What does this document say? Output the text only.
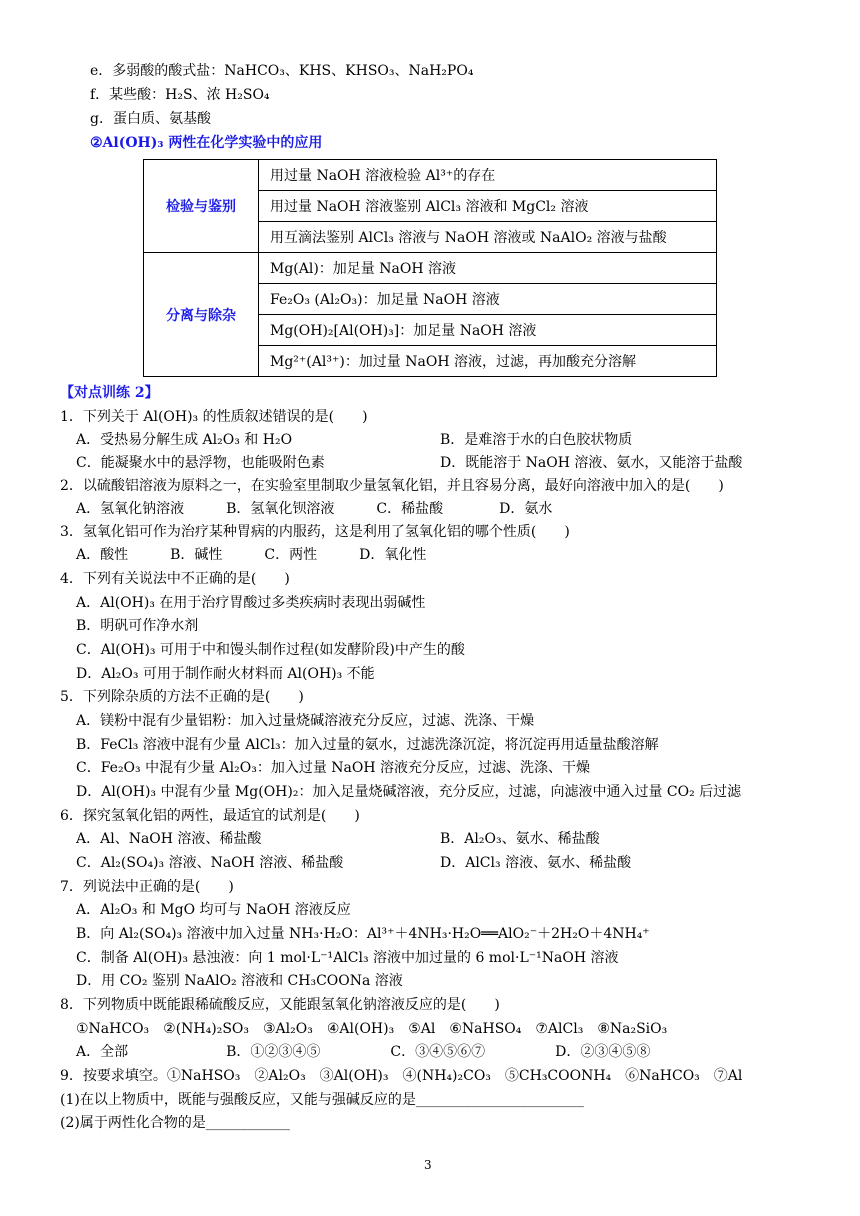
e．多弱酸的酸式盐：NaHCO₃、KHS、KHSO₃、NaH₂PO₄
f．某些酸：H₂S、浓 H₂SO₄
g．蛋白质、氨基酸
②Al(OH)₃ 两性在化学实验中的应用
检验与鉴别	用过量 NaOH 溶液检验 Al³⁺的存在
	用过量 NaOH 溶液鉴别 AlCl₃ 溶液和 MgCl₂ 溶液
	用互滴法鉴别 AlCl₃ 溶液与 NaOH 溶液或 NaAlO₂ 溶液与盐酸
分离与除杂	Mg(Al)：加足量 NaOH 溶液
	Fe₂O₃ (Al₂O₃)：加足量 NaOH 溶液
	Mg(OH)₂[Al(OH)₃]：加足量 NaOH 溶液
	Mg²⁺(Al³⁺)：加过量 NaOH 溶液，过滤，再加酸充分溶解
【对点训练 2】
1．下列关于 Al(OH)₃ 的性质叙述错误的是(　　)
A．受热易分解生成 Al₂O₃ 和 H₂O	B．是难溶于水的白色胶状物质
C．能凝聚水中的悬浮物，也能吸附色素	D．既能溶于 NaOH 溶液、氨水，又能溶于盐酸
2．以硫酸铝溶液为原料之一，在实验室里制取少量氢氧化铝，并且容易分离，最好向溶液中加入的是(　　)
A．氢氧化钠溶液　　　B．氢氧化钡溶液　　　C．稀盐酸　　　　D．氨水
3．氢氧化铝可作为治疗某种胃病的内服药，这是利用了氢氧化铝的哪个性质(　　)
A．酸性　　　B．碱性　　　C．两性　　　D．氧化性
4．下列有关说法中不正确的是(　　)
A．Al(OH)₃ 在用于治疗胃酸过多类疾病时表现出弱碱性
B．明矾可作净水剂
C．Al(OH)₃ 可用于中和馒头制作过程(如发酵阶段)中产生的酸
D．Al₂O₃ 可用于制作耐火材料而 Al(OH)₃ 不能
5．下列除杂质的方法不正确的是(　　)
A．镁粉中混有少量铝粉：加入过量烧碱溶液充分反应，过滤、洗涤、干燥
B．FeCl₃ 溶液中混有少量 AlCl₃：加入过量的氨水，过滤洗涤沉淀，将沉淀再用适量盐酸溶解
C．Fe₂O₃ 中混有少量 Al₂O₃：加入过量 NaOH 溶液充分反应，过滤、洗涤、干燥
D．Al(OH)₃ 中混有少量 Mg(OH)₂：加入足量烧碱溶液，充分反应，过滤，向滤液中通入过量 CO₂ 后过滤
6．探究氢氧化铝的两性，最适宜的试剂是(　　)
A．Al、NaOH 溶液、稀盐酸	B．Al₂O₃、氨水、稀盐酸
C．Al₂(SO₄)₃ 溶液、NaOH 溶液、稀盐酸	D．AlCl₃ 溶液、氨水、稀盐酸
7．列说法中正确的是(　　)
A．Al₂O₃ 和 MgO 均可与 NaOH 溶液反应
B．向 Al₂(SO₄)₃ 溶液中加入过量 NH₃·H₂O：Al³⁺＋4NH₃·H₂O══AlO₂⁻＋2H₂O＋4NH₄⁺
C．制备 Al(OH)₃ 悬浊液：向 1 mol·L⁻¹AlCl₃ 溶液中加过量的 6 mol·L⁻¹NaOH 溶液
D．用 CO₂ 鉴别 NaAlO₂ 溶液和 CH₃COONa 溶液
8．下列物质中既能跟稀硫酸反应，又能跟氢氧化钠溶液反应的是(　　)
①NaHCO₃　②(NH₄)₂SO₃　③Al₂O₃　④Al(OH)₃　⑤Al　⑥NaHSO₄　⑦AlCl₃　⑧Na₂SiO₃
A．全部　　　　　　　B．①②③④⑤　　　　　C．③④⑤⑥⑦　　　　　D．②③④⑤⑧
9．按要求填空。①NaHSO₃　②Al₂O₃　③Al(OH)₃　④(NH₄)₂CO₃　⑤CH₃COONH₄　⑥NaHCO₃　⑦Al
(1)在以上物质中，既能与强酸反应，又能与强碱反应的是________________________
(2)属于两性化合物的是____________
3
